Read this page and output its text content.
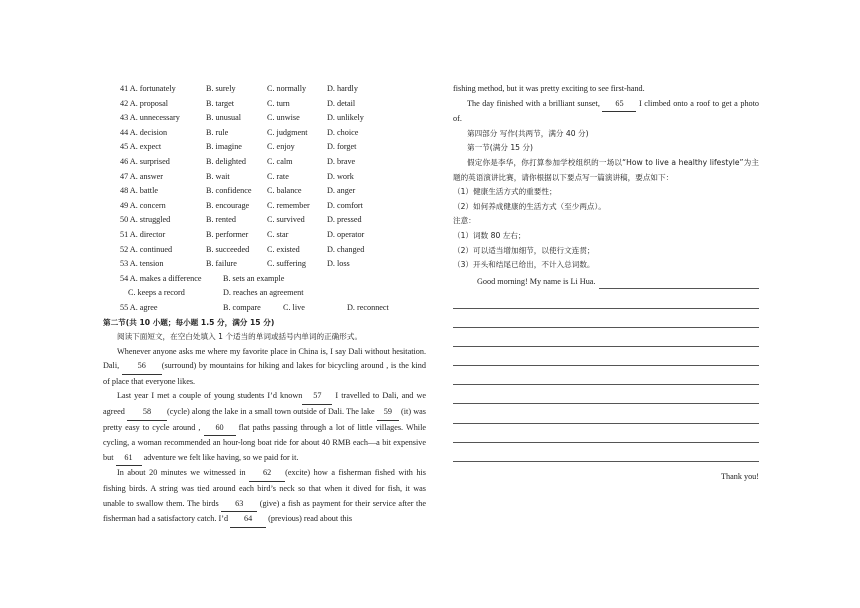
41 A. fortunately	B. surely	C. normally	D. hardly
42 A. proposal	B. target	C. turn	D. detail
43 A. unnecessary	B. unusual	C. unwise	D. unlikely
44 A. decision	B. rule	C. judgment	D. choice
45 A. expect	B. imagine	C. enjoy	D. forget
46 A. surprised	B. delighted	C. calm	D. brave
47 A. answer	B. wait	C. rate	D. work
48 A. battle	B. confidence	C. balance	D. anger
49 A. concern	B. encourage	C. remember	D. comfort
50 A. struggled	B. rented	C. survived	D. pressed
51 A. director	B. performer	C. star	D. operator
52 A. continued	B. succeeded	C. existed	D. changed
53 A. tension	B. failure	C. suffering	D. loss
54 A. makes a difference	B. sets an example
C. keeps a record	D. reaches an agreement
55 A. agree	B. compare	C. live	D. reconnect
第二节(共 10 小题；每小题 1.5 分，满分 15 分)

阅读下面短文，在空白处填入 1 个适当的单词或括号内单词的正确形式。

Whenever anyone asks me where my favorite place in China is, I say Dali without hesitation. Dali, 56 (surround) by mountains for hiking and lakes for bicycling around , is the kind of place that everyone likes.

Last year I met a couple of young students I’d known 57 I travelled to Dali, and we agreed 58 (cycle) along the lake in a small town outside of Dali. The lake 59 (it) was pretty easy to cycle around , 60 flat paths passing through a lot of little villages. While cycling, a woman recommended an hour-long boat ride for about 40 RMB each—a bit expensive but 61 adventure we felt like having, so we paid for it.

In about 20 minutes we witnessed in 62 (excite) how a fisherman fished with his fishing birds. A string was tied around each bird’s neck so that when it dived for fish, it was unable to swallow them. The birds 63 (give) a fish as payment for their service after the fisherman had a satisfactory catch. I’d 64 (previous) read about this

fishing method, but it was pretty exciting to see first-hand.

The day finished with a brilliant sunset, 65 I climbed onto a roof to get a photo of.

第四部分 写作(共两节，满分 40 分)

第一节(满分 15 分)

假定你是李华，你打算参加学校组织的一场以“How to live a healthy lifestyle”为主题的英语演讲比赛，请你根据以下要点写一篇演讲稿，要点如下：

（1）健康生活方式的重要性；

（2）如何养成健康的生活方式（至少两点）。

注意：

（1）词数 80 左右；

（2）可以适当增加细节，以使行文连贯；

（3）开头和结尾已给出，不计入总词数。

Good morning! My name is Li Hua.
Thank you!
